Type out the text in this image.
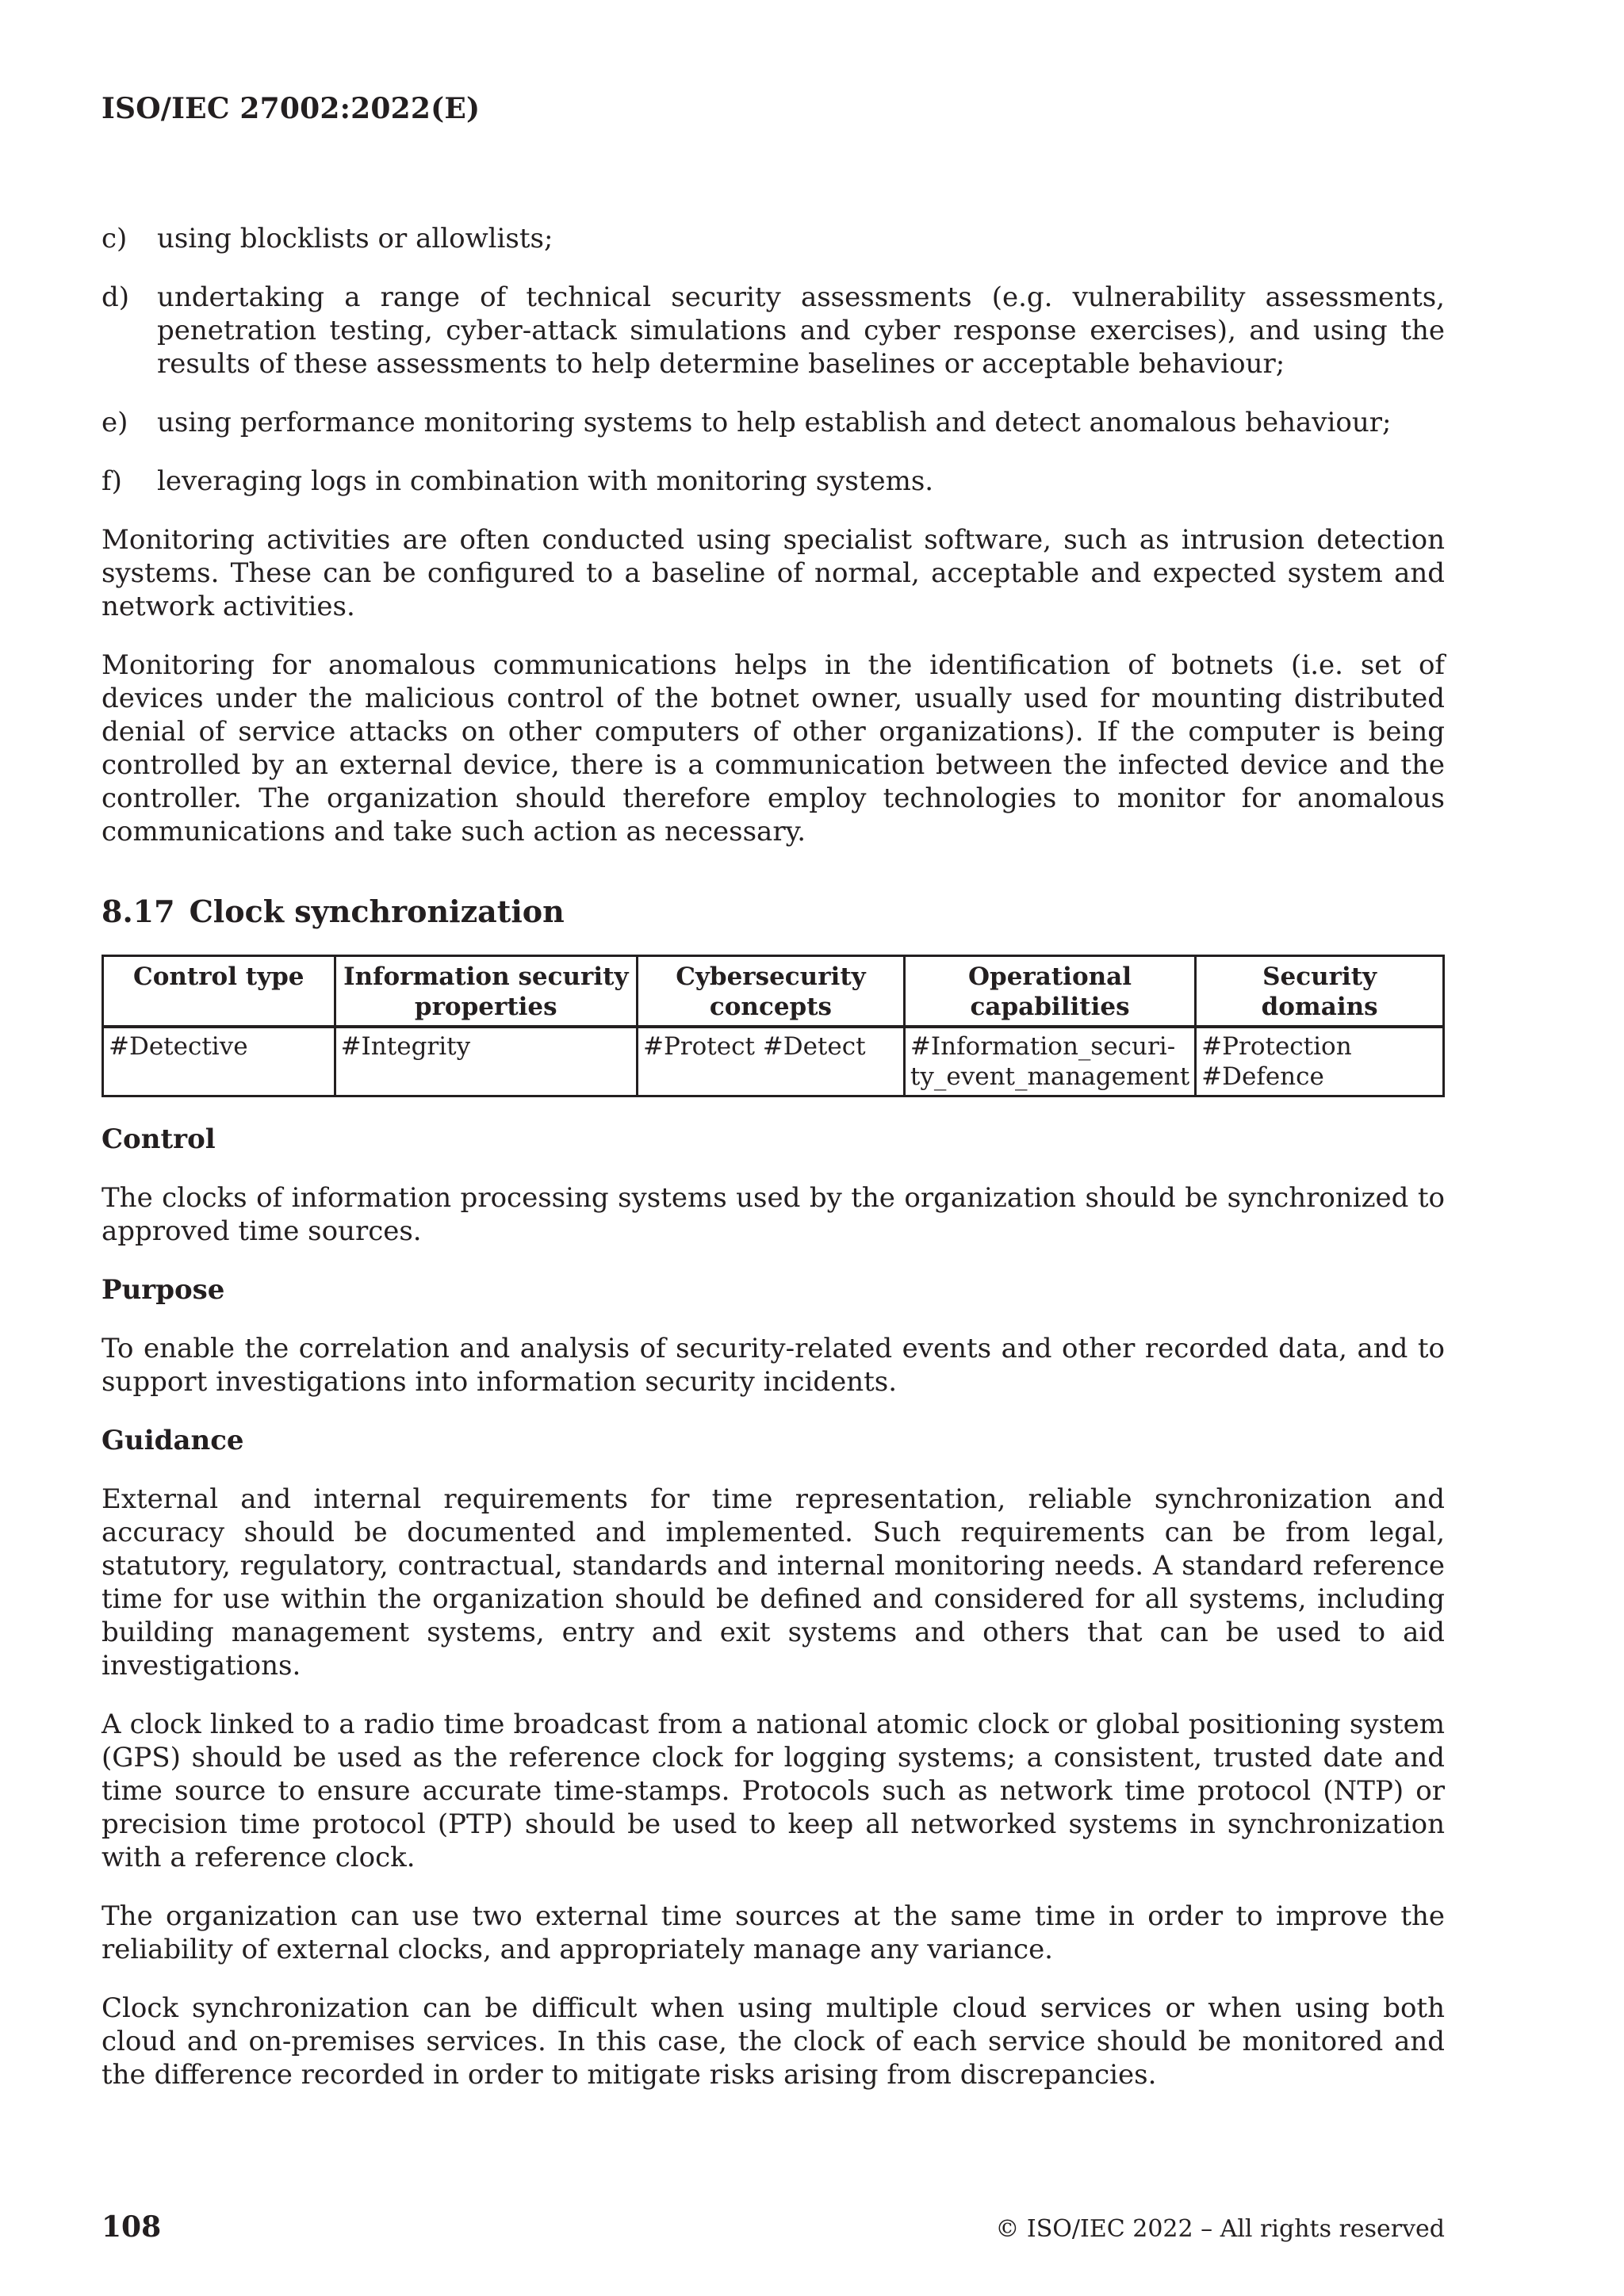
ISO/IEC 27002:2022(E)
c)	using blocklists or allowlists;
d)	undertaking a range of technical security assessments (e.g. vulnerability assessments, penetration testing, cyber-attack simulations and cyber response exercises), and using the results of these assessments to help determine baselines or acceptable behaviour;
e)	using performance monitoring systems to help establish and detect anomalous behaviour;
f)	leveraging logs in combination with monitoring systems.

Monitoring activities are often conducted using specialist software, such as intrusion detection systems. These can be configured to a baseline of normal, acceptable and expected system and network activities.

Monitoring for anomalous communications helps in the identification of botnets (i.e. set of devices under the malicious control of the botnet owner, usually used for mounting distributed denial of service attacks on other computers of other organizations). If the computer is being controlled by an external device, there is a communication between the infected device and the controller. The organization should therefore employ technologies to monitor for anomalous communications and take such action as necessary.

8.17 Clock synchronization
Control type	Information security properties	Cybersecurity concepts	Operational capabilities	Security domains
#Detective	#Integrity	#Protect #Detect	#Information_securi-ty_event_management	#Protection #Defence
Control

The clocks of information processing systems used by the organization should be synchronized to approved time sources.

Purpose

To enable the correlation and analysis of security-related events and other recorded data, and to support investigations into information security incidents.

Guidance

External and internal requirements for time representation, reliable synchronization and accuracy should be documented and implemented. Such requirements can be from legal, statutory, regulatory, contractual, standards and internal monitoring needs. A standard reference time for use within the organization should be defined and considered for all systems, including building management systems, entry and exit systems and others that can be used to aid investigations.

A clock linked to a radio time broadcast from a national atomic clock or global positioning system (GPS) should be used as the reference clock for logging systems; a consistent, trusted date and time source to ensure accurate time-stamps. Protocols such as network time protocol (NTP) or precision time protocol (PTP) should be used to keep all networked systems in synchronization with a reference clock.

The organization can use two external time sources at the same time in order to improve the reliability of external clocks, and appropriately manage any variance.

Clock synchronization can be difficult when using multiple cloud services or when using both cloud and on-premises services. In this case, the clock of each service should be monitored and the difference recorded in order to mitigate risks arising from discrepancies.

108	© ISO/IEC 2022 – All rights reserved
